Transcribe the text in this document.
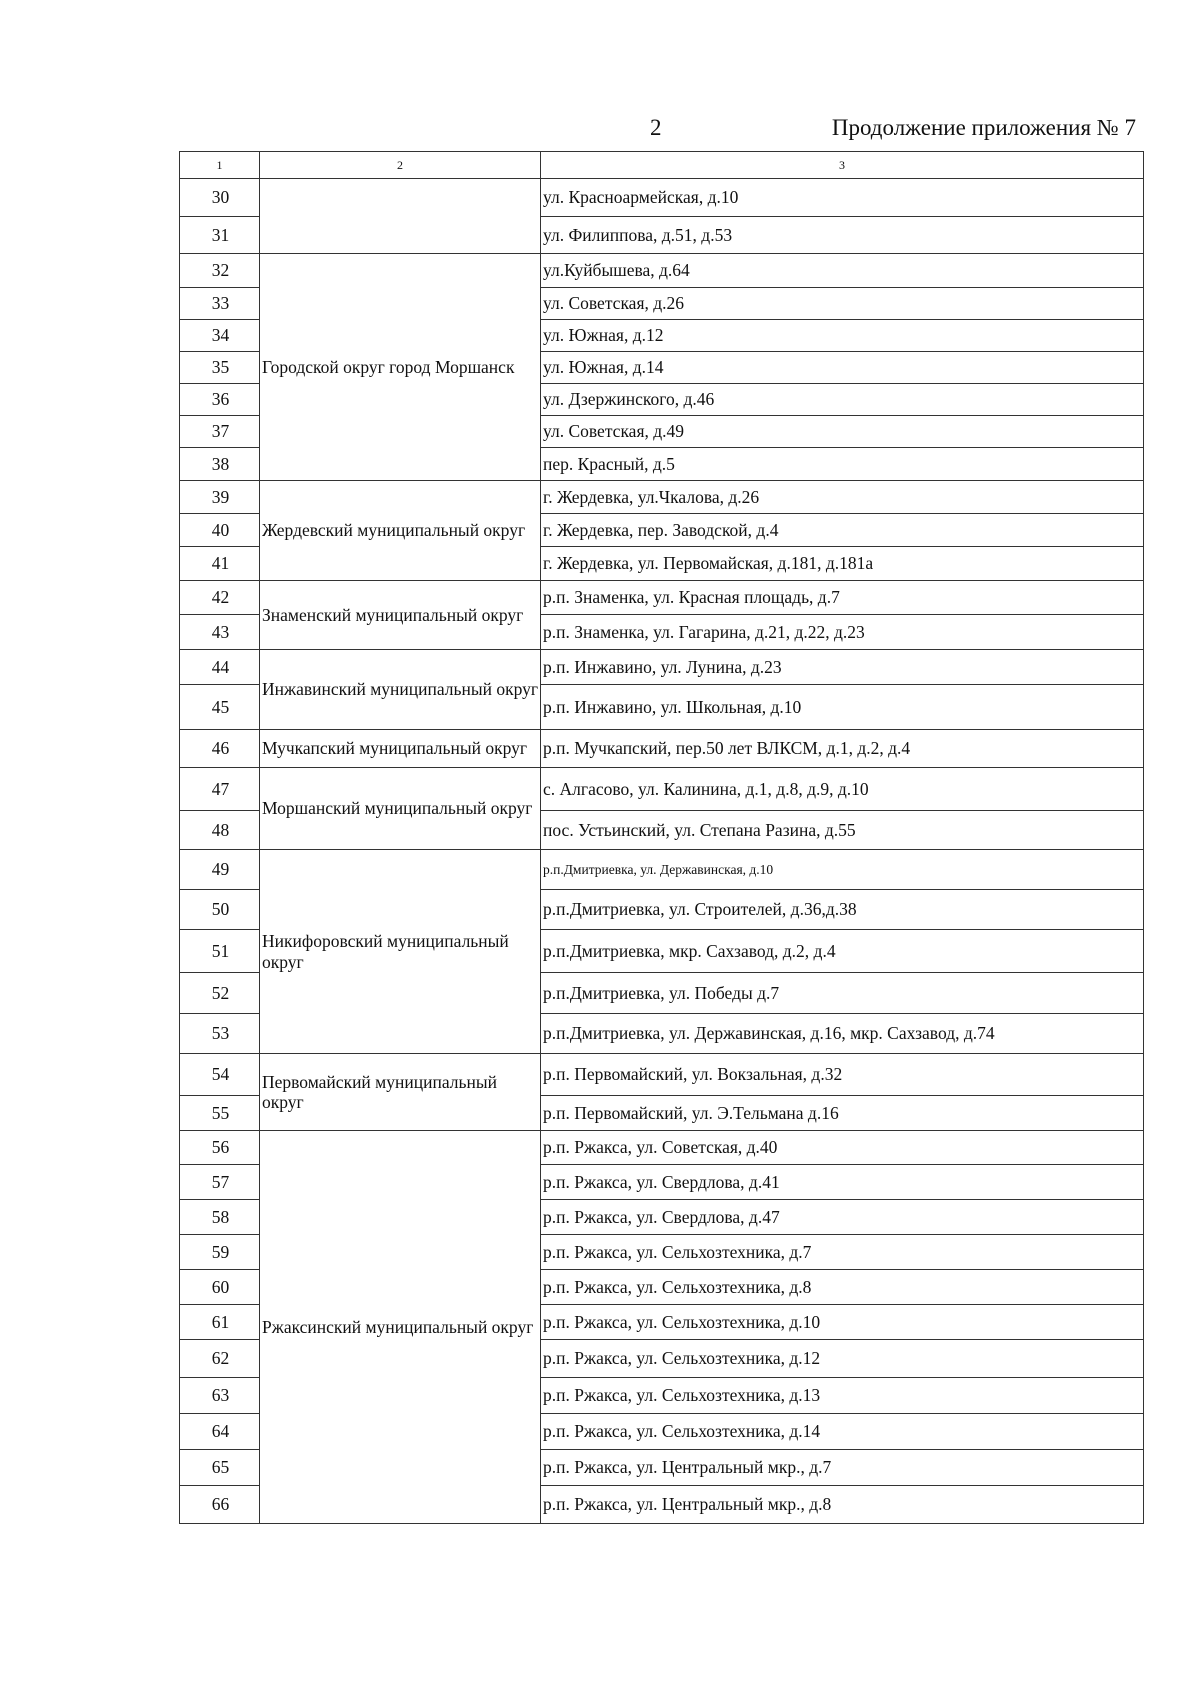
2	Продолжение приложения № 7
1	2	3
30		ул. Красноармейская, д.10
31		ул. Филиппова, д.51, д.53
32	Городской округ город Моршанск	ул.Куйбышева, д.64
33		ул. Советская, д.26
34		ул. Южная, д.12
35		ул. Южная, д.14
36		ул. Дзержинского, д.46
37		ул. Советская, д.49
38		пер. Красный, д.5
39	Жердевский муниципальный округ	г. Жердевка, ул.Чкалова, д.26
40		г. Жердевка, пер. Заводской, д.4
41		г. Жердевка, ул. Первомайская, д.181, д.181а
42	Знаменский муниципальный округ	р.п. Знаменка, ул. Красная площадь, д.7
43		р.п. Знаменка, ул. Гагарина, д.21, д.22, д.23
44	Инжавинский муниципальный округ	р.п. Инжавино, ул. Лунина, д.23
45		р.п. Инжавино, ул. Школьная, д.10
46	Мучкапский муниципальный округ	р.п. Мучкапский, пер.50 лет ВЛКСМ, д.1, д.2, д.4
47	Моршанский муниципальный округ	с. Алгасово, ул. Калинина, д.1, д.8, д.9, д.10
48		пос. Устьинский, ул. Степана Разина, д.55
49	Никифоровский муниципальный округ	р.п.Дмитриевка, ул. Державинская, д.10
50		р.п.Дмитриевка, ул. Строителей, д.36,д.38
51		р.п.Дмитриевка, мкр. Сахзавод, д.2, д.4
52		р.п.Дмитриевка, ул. Победы д.7
53		р.п.Дмитриевка, ул. Державинская, д.16, мкр. Сахзавод, д.74
54	Первомайский муниципальный округ	р.п. Первомайский, ул. Вокзальная, д.32
55		р.п. Первомайский, ул. Э.Тельмана д.16
56	Ржаксинский муниципальный округ	р.п. Ржакса, ул. Советская, д.40
57		р.п. Ржакса, ул. Свердлова, д.41
58		р.п. Ржакса, ул. Свердлова, д.47
59		р.п. Ржакса, ул. Сельхозтехника, д.7
60		р.п. Ржакса, ул. Сельхозтехника, д.8
61		р.п. Ржакса, ул. Сельхозтехника, д.10
62		р.п. Ржакса, ул. Сельхозтехника, д.12
63		р.п. Ржакса, ул. Сельхозтехника, д.13
64		р.п. Ржакса, ул. Сельхозтехника, д.14
65		р.п. Ржакса, ул. Центральный мкр., д.7
66		р.п. Ржакса, ул. Центральный мкр., д.8
